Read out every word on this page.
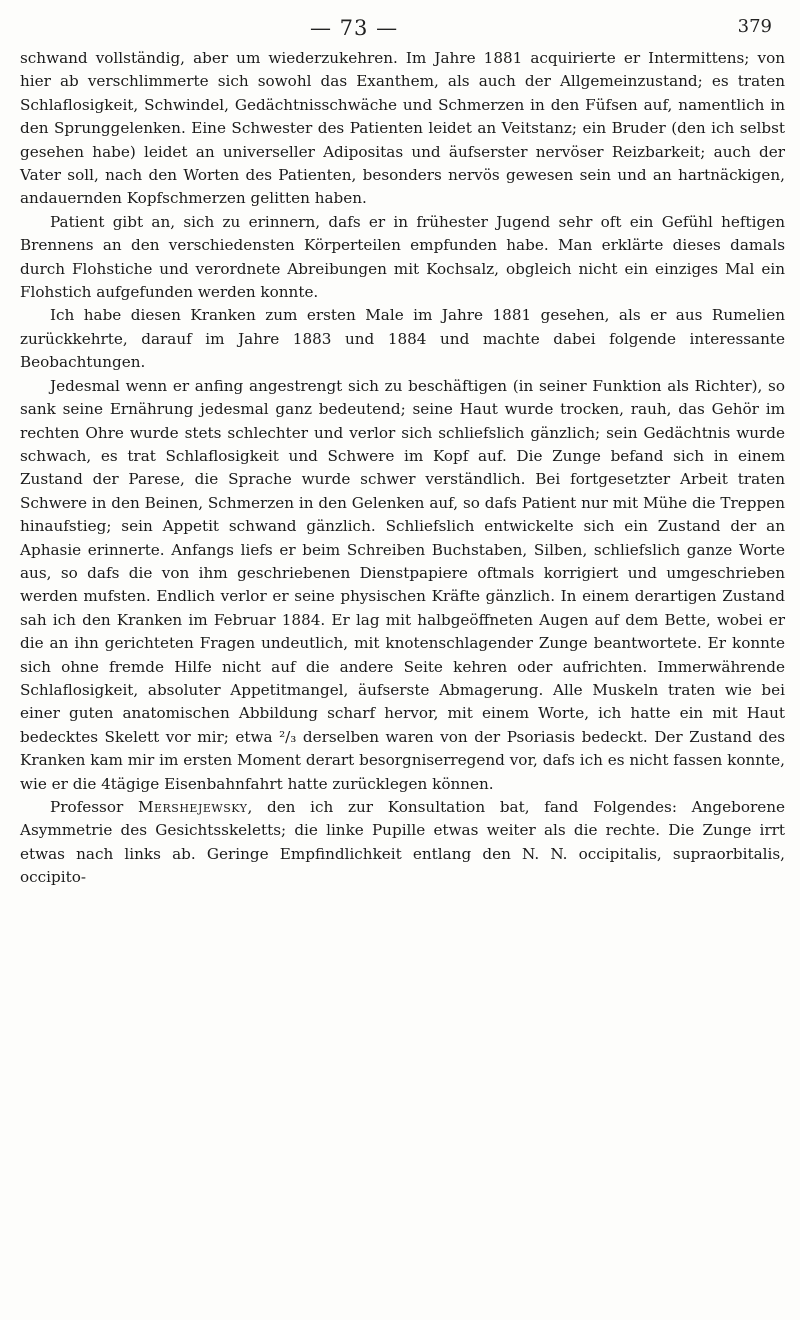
— 73 —	379

schwand vollständig, aber um wiederzukehren. Im Jahre 1881 acquirierte er Intermittens; von hier ab verschlimmerte sich sowohl das Exanthem, als auch der Allgemeinzustand; es traten Schlaflosigkeit, Schwindel, Gedächtnisschwäche und Schmerzen in den Füfsen auf, namentlich in den Sprunggelenken. Eine Schwester des Patienten leidet an Veitstanz; ein Bruder (den ich selbst gesehen habe) leidet an universeller Adipositas und äufserster nervöser Reizbarkeit; auch der Vater soll, nach den Worten des Patienten, besonders nervös gewesen sein und an hartnäckigen, andauernden Kopfschmerzen gelitten haben.

Patient gibt an, sich zu erinnern, dafs er in frühester Jugend sehr oft ein Gefühl heftigen Brennens an den verschiedensten Körperteilen empfunden habe. Man erklärte dieses damals durch Flohstiche und verordnete Abreibungen mit Kochsalz, obgleich nicht ein einziges Mal ein Flohstich aufgefunden werden konnte.

Ich habe diesen Kranken zum ersten Male im Jahre 1881 gesehen, als er aus Rumelien zurückkehrte, darauf im Jahre 1883 und 1884 und machte dabei folgende interessante Beobachtungen.

Jedesmal wenn er anfing angestrengt sich zu beschäftigen (in seiner Funktion als Richter), so sank seine Ernährung jedesmal ganz bedeutend; seine Haut wurde trocken, rauh, das Gehör im rechten Ohre wurde stets schlechter und verlor sich schliefslich gänzlich; sein Gedächtnis wurde schwach, es trat Schlaflosigkeit und Schwere im Kopf auf. Die Zunge befand sich in einem Zustand der Parese, die Sprache wurde schwer verständlich. Bei fortgesetzter Arbeit traten Schwere in den Beinen, Schmerzen in den Gelenken auf, so dafs Patient nur mit Mühe die Treppen hinaufstieg; sein Appetit schwand gänzlich. Schliefslich entwickelte sich ein Zustand der an Aphasie erinnerte. Anfangs liefs er beim Schreiben Buchstaben, Silben, schliefslich ganze Worte aus, so dafs die von ihm geschriebenen Dienstpapiere oftmals korrigiert und umgeschrieben werden mufsten. Endlich verlor er seine physischen Kräfte gänzlich. In einem derartigen Zustand sah ich den Kranken im Februar 1884. Er lag mit halbgeöffneten Augen auf dem Bette, wobei er die an ihn gerichteten Fragen undeutlich, mit knotenschlagender Zunge beantwortete. Er konnte sich ohne fremde Hilfe nicht auf die andere Seite kehren oder aufrichten. Immerwährende Schlaflosigkeit, absoluter Appetitmangel, äufserste Abmagerung. Alle Muskeln traten wie bei einer guten anatomischen Abbildung scharf hervor, mit einem Worte, ich hatte ein mit Haut bedecktes Skelett vor mir; etwa ²/₃ derselben waren von der Psoriasis bedeckt. Der Zustand des Kranken kam mir im ersten Moment derart besorgniserregend vor, dafs ich es nicht fassen konnte, wie er die 4tägige Eisenbahnfahrt hatte zurücklegen können.

Professor Mershejewsky, den ich zur Konsultation bat, fand Folgendes: Angeborene Asymmetrie des Gesichtsskeletts; die linke Pupille etwas weiter als die rechte. Die Zunge irrt etwas nach links ab. Geringe Empfindlichkeit entlang den N. N. occipitalis, supraorbitalis, occipito-
